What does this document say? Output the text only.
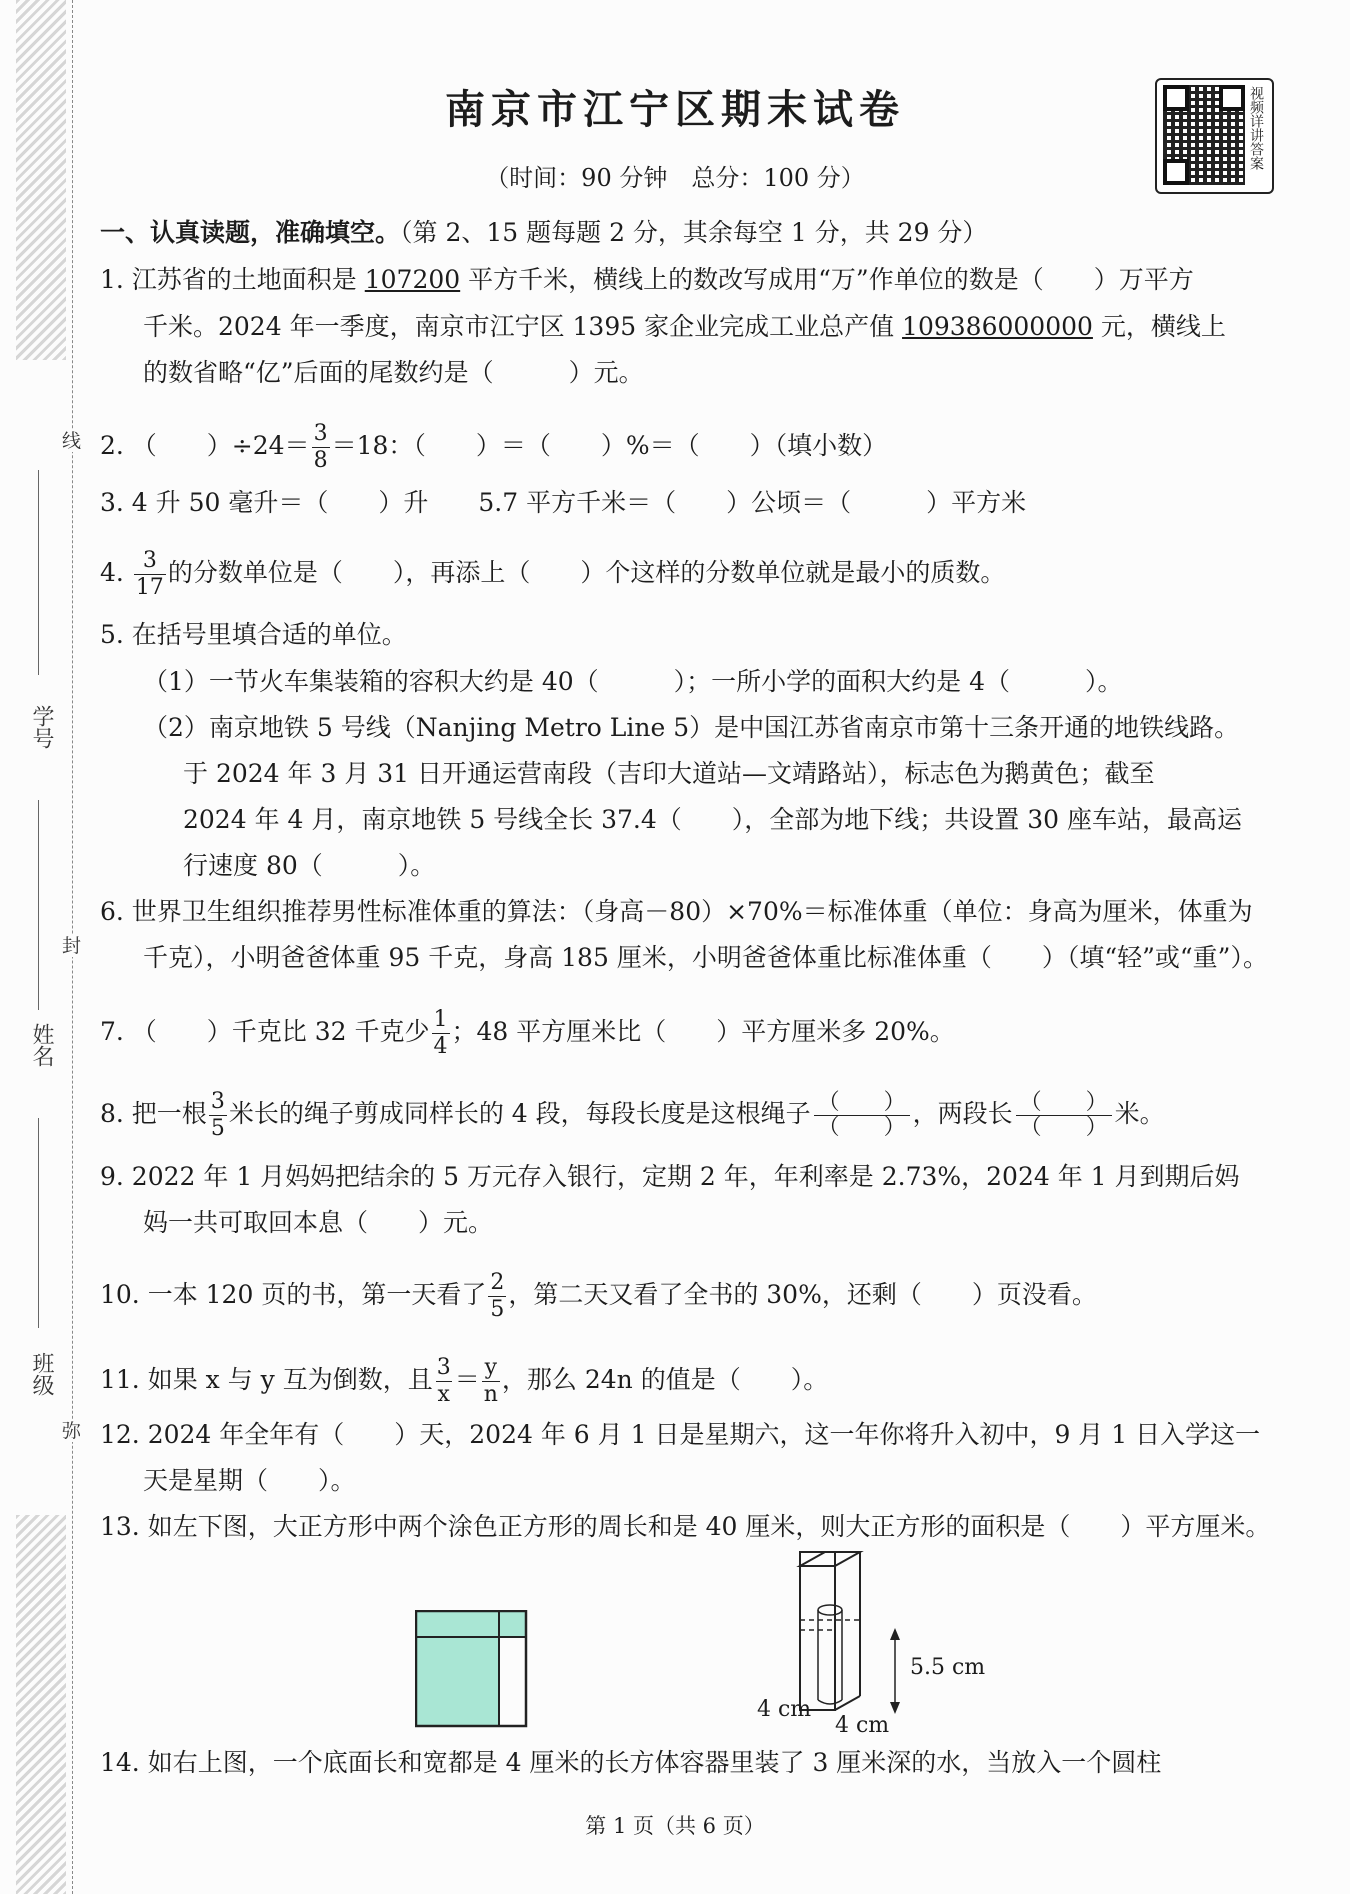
学号
姓名
班级
线
封
弥
南京市江宁区期末试卷
（时间：90 分钟　总分：100 分）
视频详讲答案
一、认真读题，准确填空。（第 2、15 题每题 2 分，其余每空 1 分，共 29 分）
1. 江苏省的土地面积是 107200 平方千米，横线上的数改写成用“万”作单位的数是（　　）万平方
千米。2024 年一季度，南京市江宁区 1395 家企业完成工业总产值 109386000000 元，横线上
的数省略“亿”后面的尾数约是（　　　）元。
2. （　　）$\div 24= \frac{3}{8} =18$：（　　）＝（　　）%＝（　　）（填小数）
3. 4 升 50 毫升＝（　　）升　　5.7 平方千米＝（　　）公顷＝（　　　）平方米
4. $\frac{3}{17}$ 的分数单位是（　　），再添上（　　）个这样的分数单位就是最小的质数。
5. 在括号里填合适的单位。
（1）一节火车集装箱的容积大约是 40（　　　）；一所小学的面积大约是 4（　　　）。
（2）南京地铁 5 号线（Nanjing Metro Line 5）是中国江苏省南京市第十三条开通的地铁线路。
于 2024 年 3 月 31 日开通运营南段（吉印大道站—文靖路站），标志色为鹅黄色；截至
2024 年 4 月，南京地铁 5 号线全长 37.4（　　），全部为地下线；共设置 30 座车站，最高运
行速度 80（　　　）。
6. 世界卫生组织推荐男性标准体重的算法：（身高－80）×70%＝标准体重（单位：身高为厘米，体重为
千克），小明爸爸体重 95 千克，身高 185 厘米，小明爸爸体重比标准体重（　　）（填“轻”或“重”）。
7. （　　）千克比 32 千克少 $\frac{1}{4}$ ；48 平方厘米比（　　）平方厘米多 20%。
8. 把一根 $\frac{3}{5}$ 米长的绳子剪成同样长的 4 段，每段长度是这根绳子 （　　）
（　　） ，两段长 （　　）
（　　） 米。
9. 2022 年 1 月妈妈把结余的 5 万元存入银行，定期 2 年，年利率是 2.73%，2024 年 1 月到期后妈
妈一共可取回本息（　　）元。
10. 一本 120 页的书，第一天看了 $\frac{2}{5}$ ，第二天又看了全书的 30%，还剩（　　）页没看。
11. 如果 x 与 y 互为倒数，且 $\frac{3}{x} = \frac{y}{n}$ ，那么 24n 的值是（　　）。
12. 2024 年全年有（　　）天，2024 年 6 月 1 日是星期六，这一年你将升入初中，9 月 1 日入学这一
天是星期（　　）。
13. 如左下图，大正方形中两个涂色正方形的周长和是 40 厘米，则大正方形的面积是（　　）平方厘米。
5.5 cm
4 cm
4 cm
14. 如右上图，一个底面长和宽都是 4 厘米的长方体容器里装了 3 厘米深的水，当放入一个圆柱
第 1 页（共 6 页）
